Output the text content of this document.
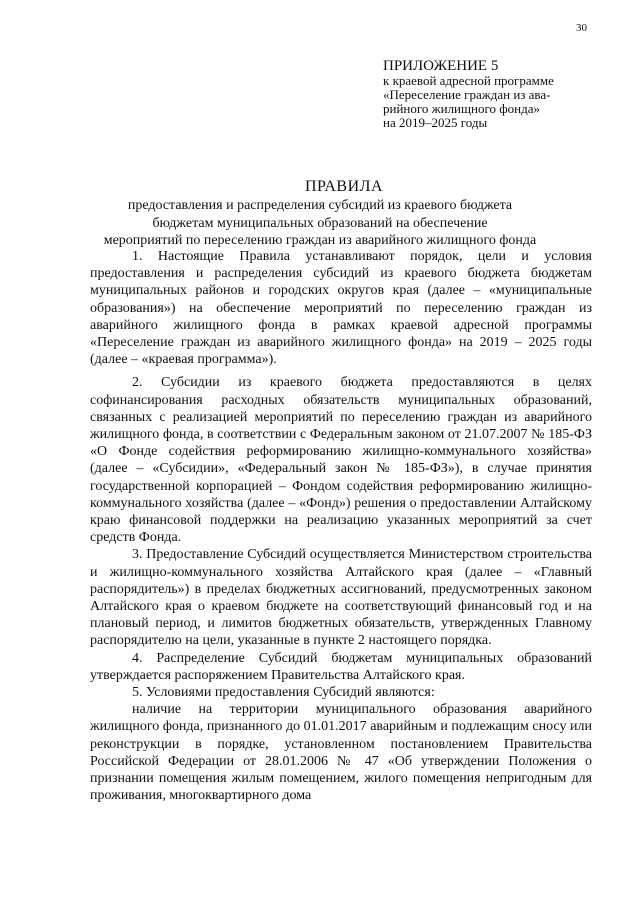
30
ПРИЛОЖЕНИЕ 5
к краевой адресной программе
«Переселение граждан из ава-
рийного жилищного фонда»
на 2019–2025 годы
ПРАВИЛА
предоставления и распределения субсидий из краевого бюджета
бюджетам муниципальных образований на обеспечение
мероприятий по переселению граждан из аварийного жилищного фонда

1. Настоящие Правила устанавливают порядок, цели и условия предоставления и распределения субсидий из краевого бюджета бюджетам муниципальных районов и городских округов края (далее – «муниципальные образования») на обеспечение мероприятий по переселению граждан из аварийного жилищного фонда в рамках краевой адресной программы «Переселение граждан из аварийного жилищного фонда» на 2019 – 2025 годы (далее – «краевая программа»).

2. Субсидии из краевого бюджета предоставляются в целях софинансирования расходных обязательств муниципальных образований, связанных с реализацией мероприятий по переселению граждан из аварийного жилищного фонда, в соответствии с Федеральным законом от 21.07.2007 № 185-ФЗ «О Фонде содействия реформированию жилищно-коммунального хозяйства» (далее – «Субсидии», «Федеральный закон № 185-ФЗ»), в случае принятия государственной корпорацией – Фондом содействия реформированию жилищно-коммунального хозяйства (далее – «Фонд») решения о предоставлении Алтайскому краю финансовой поддержки на реализацию указанных мероприятий за счет средств Фонда.

3. Предоставление Субсидий осуществляется Министерством строительства и жилищно-коммунального хозяйства Алтайского края (далее – «Главный распорядитель») в пределах бюджетных ассигнований, предусмотренных законом Алтайского края о краевом бюджете на соответствующий финансовый год и на плановый период, и лимитов бюджетных обязательств, утвержденных Главному распорядителю на цели, указанные в пункте 2 настоящего порядка.

4. Распределение Субсидий бюджетам муниципальных образований утверждается распоряжением Правительства Алтайского края.

5. Условиями предоставления Субсидий являются:

наличие на территории муниципального образования аварийного жилищного фонда, признанного до 01.01.2017 аварийным и подлежащим сносу или реконструкции в порядке, установленном постановлением Правительства Российской Федерации от 28.01.2006 № 47 «Об утверждении Положения о признании помещения жилым помещением, жилого помещения непригодным для проживания, многоквартирного дома
